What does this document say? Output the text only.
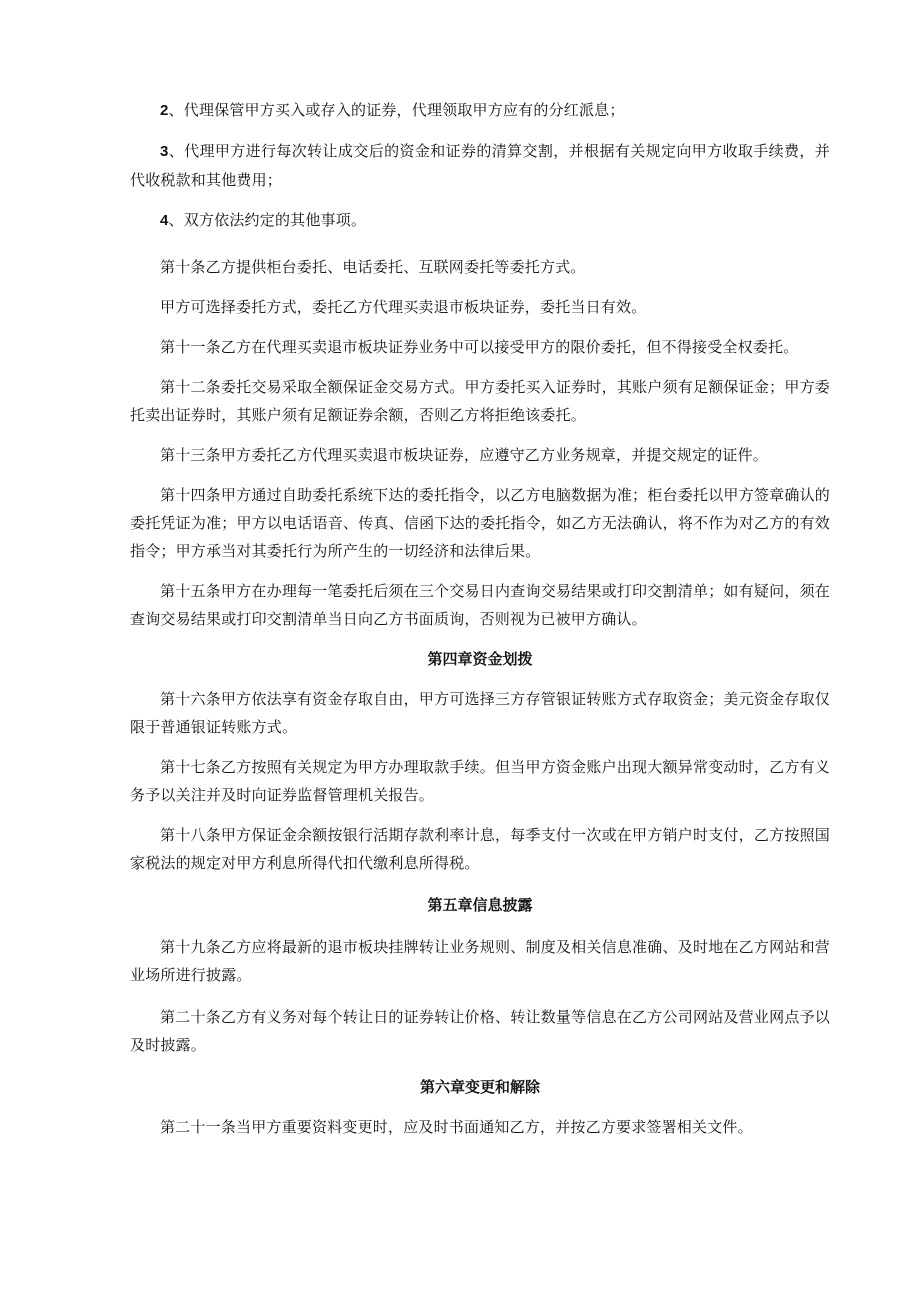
2、代理保管甲方买入或存入的证券，代理领取甲方应有的分红派息；

3、代理甲方进行每次转让成交后的资金和证券的清算交割，并根据有关规定向甲方收取手续费，并代收税款和其他费用；

4、双方依法约定的其他事项。

第十条乙方提供柜台委托、电话委托、互联网委托等委托方式。

甲方可选择委托方式，委托乙方代理买卖退市板块证券，委托当日有效。

第十一条乙方在代理买卖退市板块证券业务中可以接受甲方的限价委托，但不得接受全权委托。

第十二条委托交易采取全额保证金交易方式。甲方委托买入证券时，其账户须有足额保证金；甲方委托卖出证券时，其账户须有足额证券余额，否则乙方将拒绝该委托。

第十三条甲方委托乙方代理买卖退市板块证券，应遵守乙方业务规章，并提交规定的证件。

第十四条甲方通过自助委托系统下达的委托指令，以乙方电脑数据为准；柜台委托以甲方签章确认的委托凭证为准；甲方以电话语音、传真、信函下达的委托指令，如乙方无法确认，将不作为对乙方的有效指令；甲方承当对其委托行为所产生的一切经济和法律后果。

第十五条甲方在办理每一笔委托后须在三个交易日内查询交易结果或打印交割清单；如有疑问，须在查询交易结果或打印交割清单当日向乙方书面质询，否则视为已被甲方确认。

第四章资金划拨

第十六条甲方依法享有资金存取自由，甲方可选择三方存管银证转账方式存取资金；美元资金存取仅限于普通银证转账方式。

第十七条乙方按照有关规定为甲方办理取款手续。但当甲方资金账户出现大额异常变动时，乙方有义务予以关注并及时向证券监督管理机关报告。

第十八条甲方保证金余额按银行活期存款利率计息，每季支付一次或在甲方销户时支付，乙方按照国家税法的规定对甲方利息所得代扣代缴利息所得税。

第五章信息披露

第十九条乙方应将最新的退市板块挂牌转让业务规则、制度及相关信息准确、及时地在乙方网站和营业场所进行披露。

第二十条乙方有义务对每个转让日的证券转让价格、转让数量等信息在乙方公司网站及营业网点予以及时披露。

第六章变更和解除

第二十一条当甲方重要资料变更时，应及时书面通知乙方，并按乙方要求签署相关文件。
